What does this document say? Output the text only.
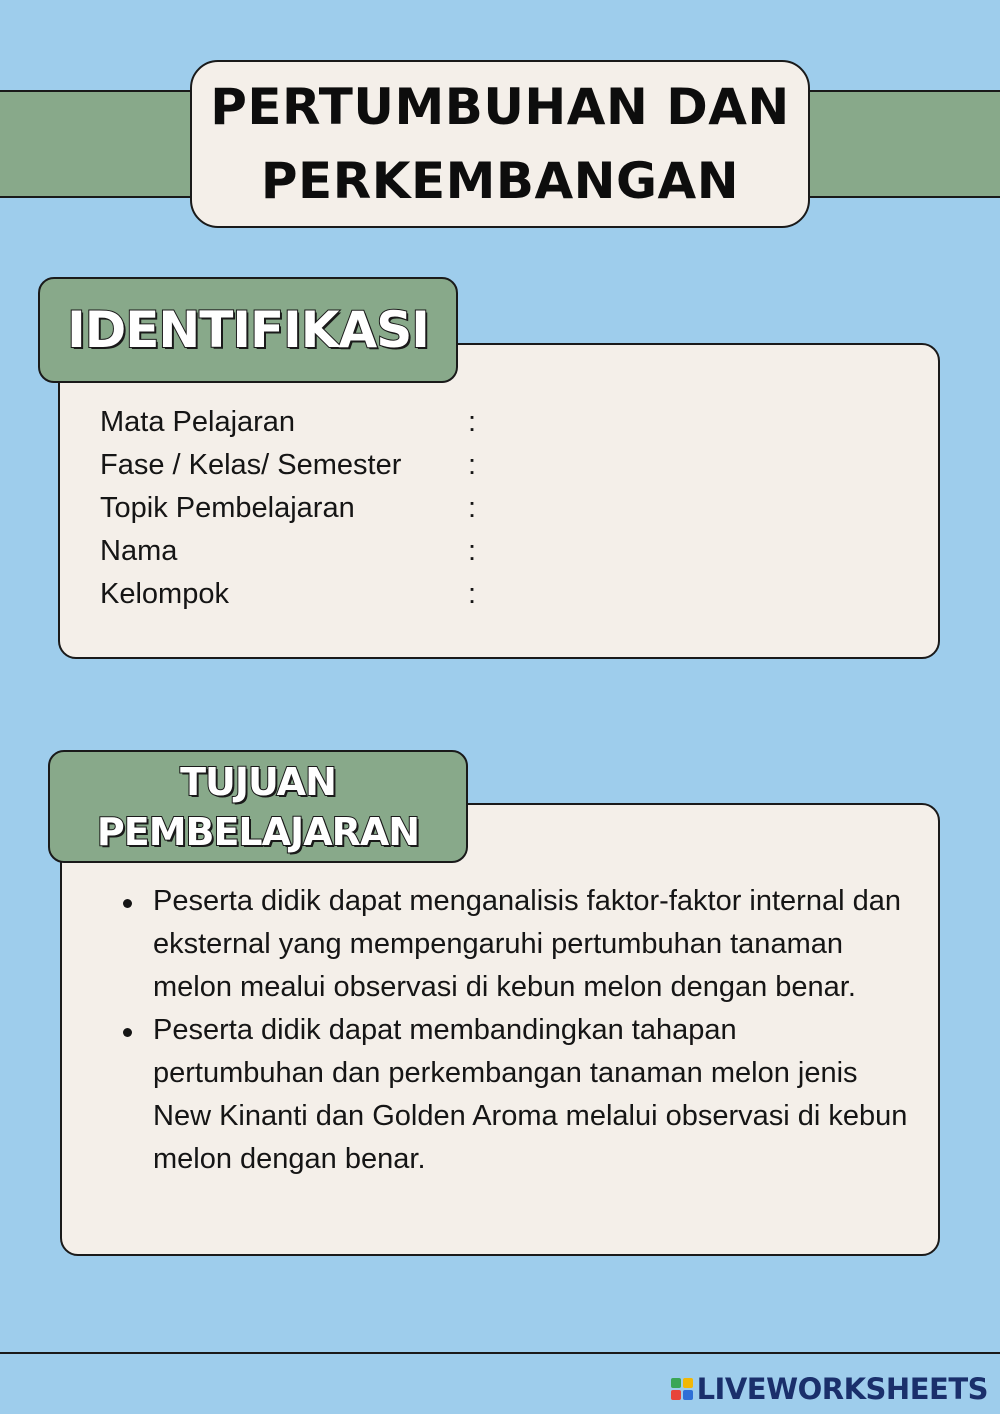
PERTUMBUHAN DAN
PERKEMBANGAN
IDENTIFIKASI
Mata Pelajaran	:
Fase / Kelas/ Semester	:
Topik Pembelajaran	:
Nama	:
Kelompok	:
TUJUAN
PEMBELAJARAN
Peserta didik dapat menganalisis faktor-faktor internal dan eksternal yang mempengaruhi pertumbuhan tanaman melon mealui observasi di kebun melon dengan benar.
Peserta didik dapat membandingkan tahapan pertumbuhan dan perkembangan tanaman melon jenis New Kinanti dan Golden Aroma melalui observasi di kebun melon dengan benar.
LIVEWORKSHEETS
